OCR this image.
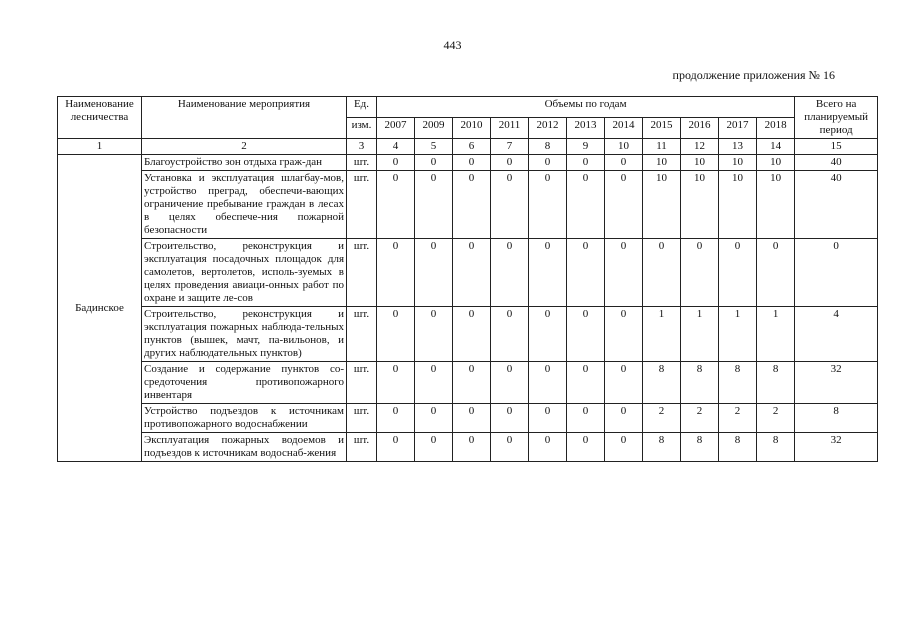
443
продолжение приложения № 16
Наименование лесничества	Наименование мероприятия	Ед.	Объемы по годам											Всего на планируемый период
		изм.	2007	2009	2010	2011	2012	2013	2014	2015	2016	2017	2018	
1	2	3	4	5	6	7	8	9	10	11	12	13	14	15
Бадинское	Благоустройство зон отдыха граж-дан	шт.	0	0	0	0	0	0	0	10	10	10	10	40
	Установка и эксплуатация шлагбау-мов, устройство преград, обеспечи-вающих ограничение пребывание граждан в лесах в целях обеспече-ния пожарной безопасности	шт.	0	0	0	0	0	0	0	10	10	10	10	40
	Строительство, реконструкция и эксплуатация посадочных площадок для самолетов, вертолетов, исполь-зуемых в целях проведения авиаци-онных работ по охране и защите ле-сов	шт.	0	0	0	0	0	0	0	0	0	0	0	0
	Строительство, реконструкция и эксплуатация пожарных наблюда-тельных пунктов (вышек, мачт, па-вильонов, и других наблюдательных пунктов)	шт.	0	0	0	0	0	0	0	1	1	1	1	4
	Создание и содержание пунктов со-средоточения противопожарного инвентаря	шт.	0	0	0	0	0	0	0	8	8	8	8	32
	Устройство подъездов к источникам противопожарного водоснабжении	шт.	0	0	0	0	0	0	0	2	2	2	2	8
	Эксплуатация пожарных водоемов и подъездов к источникам водоснаб-жения	шт.	0	0	0	0	0	0	0	8	8	8	8	32
